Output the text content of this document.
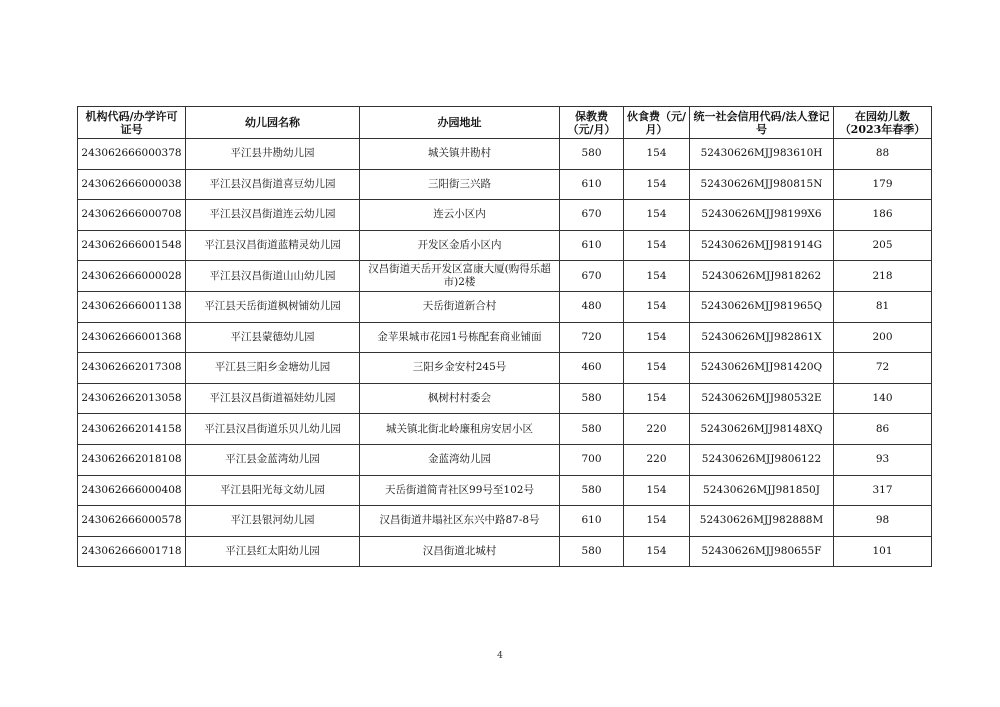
机构代码/办学许可证号	幼儿园名称	办园地址	保教费（元/月）	伙食费（元/月）	统一社会信用代码/法人登记号	在园幼儿数（2023年春季）
243062666000378	平江县井勘幼儿园	城关镇井勘村	580	154	52430626MJJ983610H	88
243062666000038	平江县汉昌街道喜豆幼儿园	三阳街三兴路	610	154	52430626MJJ980815N	179
243062666000708	平江县汉昌街道连云幼儿园	连云小区内	670	154	52430626MJJ98199X6	186
243062666001548	平江县汉昌街道蓝精灵幼儿园	开发区金盾小区内	610	154	52430626MJJ981914G	205
243062666000028	平江县汉昌街道山山幼儿园	汉昌街道天岳开发区富康大厦(购得乐超市)2楼	670	154	52430626MJJ9818262	218
243062666001138	平江县天岳街道枫树铺幼儿园	天岳街道新合村	480	154	52430626MJJ981965Q	81
243062666001368	平江县蒙德幼儿园	金苹果城市花园1号栋配套商业铺面	720	154	52430626MJJ982861X	200
243062662017308	平江县三阳乡金塘幼儿园	三阳乡金安村245号	460	154	52430626MJJ981420Q	72
243062662013058	平江县汉昌街道福娃幼儿园	枫树村村委会	580	154	52430626MJJ980532E	140
243062662014158	平江县汉昌街道乐贝儿幼儿园	城关镇北街北岭廉租房安居小区	580	220	52430626MJJ98148XQ	86
243062662018108	平江县金蓝湾幼儿园	金蓝湾幼儿园	700	220	52430626MJJ9806122	93
243062666000408	平江县阳光每文幼儿园	天岳街道简青社区99号至102号	580	154	52430626MJJ981850J	317
243062666000578	平江县银河幼儿园	汉昌街道井塌社区东兴中路87-8号	610	154	52430626MJJ982888M	98
243062666001718	平江县红太阳幼儿园	汉昌街道北城村	580	154	52430626MJJ980655F	101
4
